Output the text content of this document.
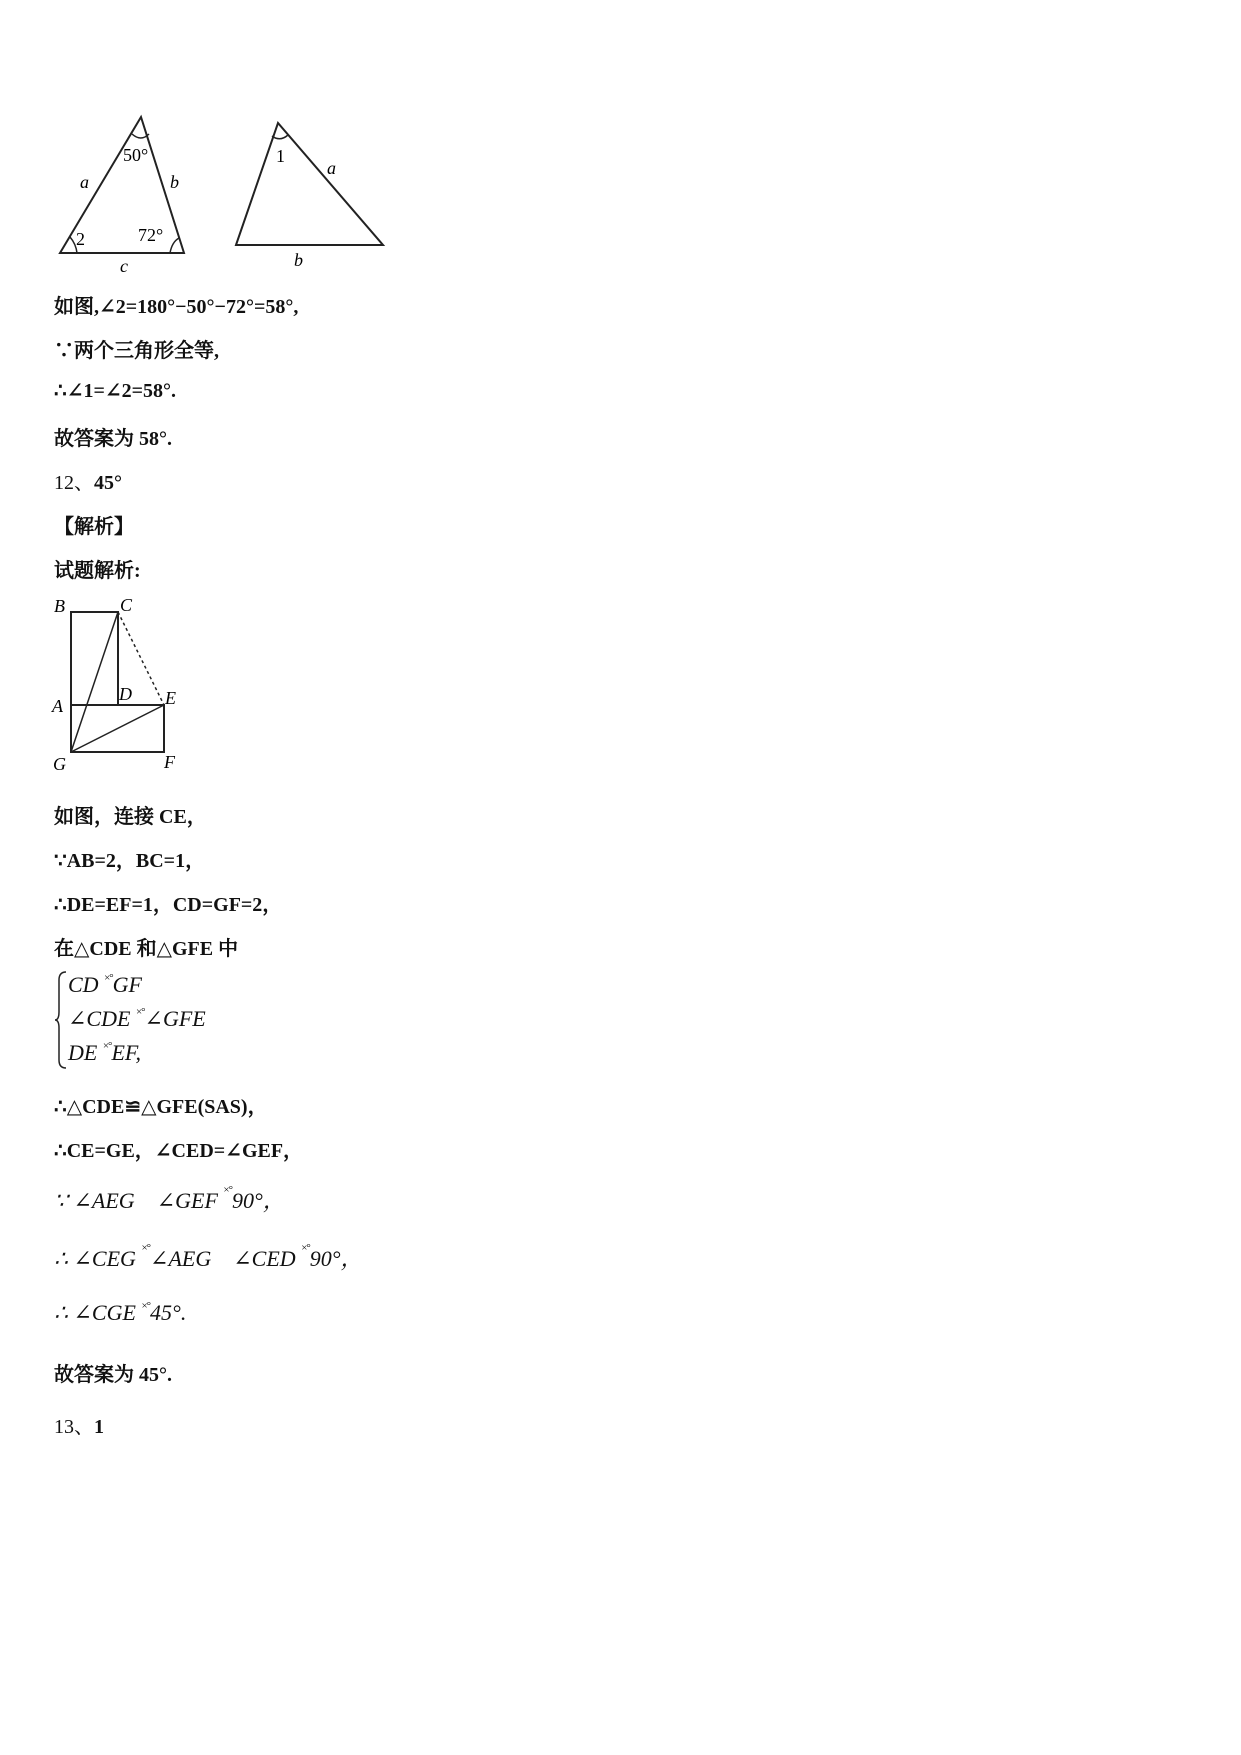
50°
a	b
2	72°
c
1
a
b
如图,∠2=180°−50°−72°=58°,
∵两个三角形全等,
∴∠1=∠2=58°.
故答案为 58°.
12、45°
【解析】
试题解析:
B	C
D
A	E
G	F
如图，连接 CE，
∵AB=2，BC=1，
∴DE=EF=1，CD=GF=2，
在△CDE 和△GFE 中
CD ×°GF
∠CDE ×°∠GFE
DE ×°EF,
∴△CDE≌△GFE(SAS)，
∴CE=GE，∠CED=∠GEF，
∵ ∠AEG ∠GEF ×°90°，
∴ ∠CEG ×°∠AEG ∠CED ×°90°，
∴ ∠CGE ×°45°.
故答案为 45°.
13、1
